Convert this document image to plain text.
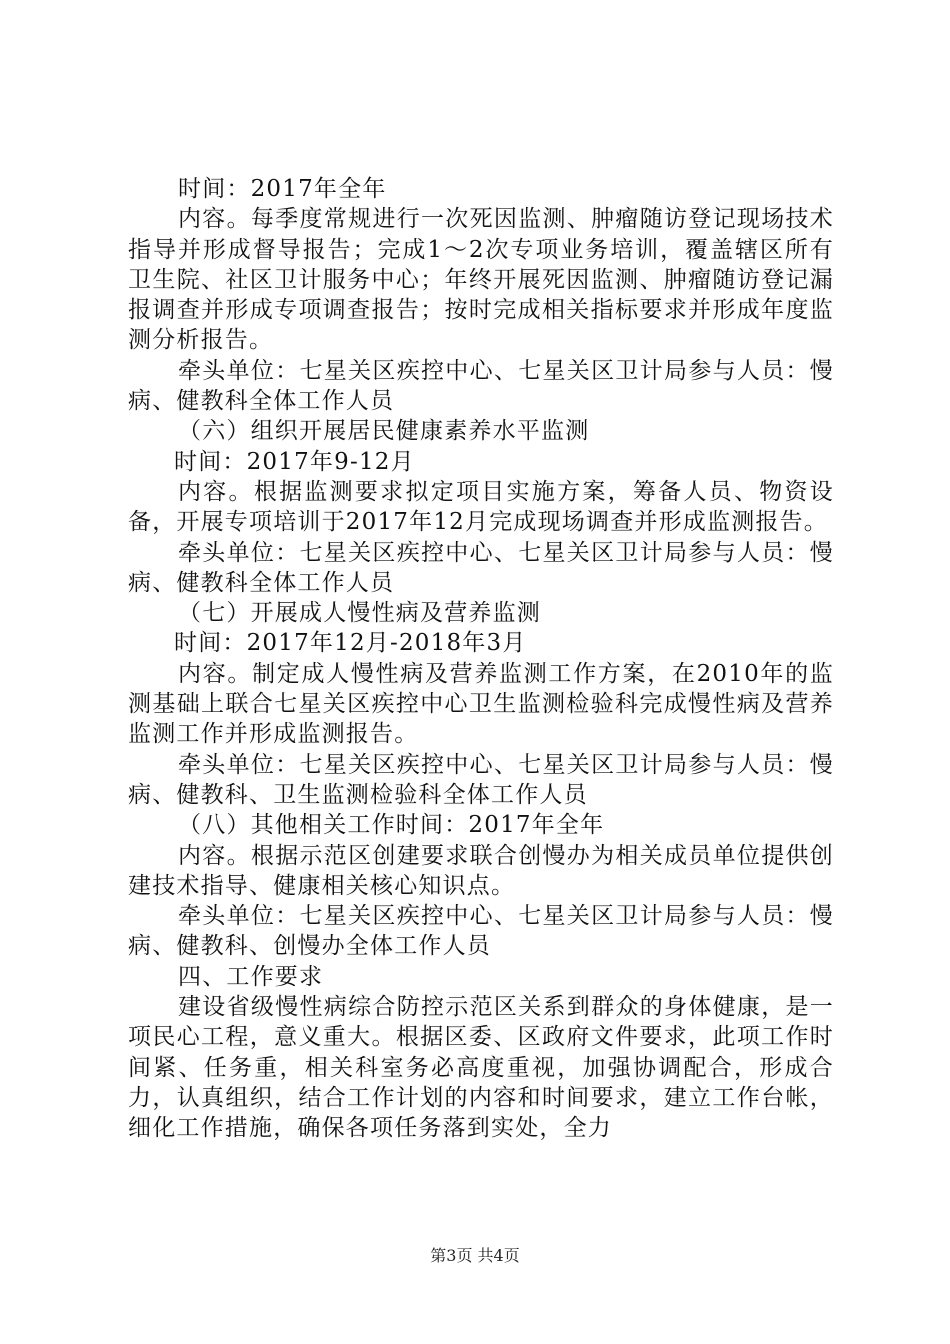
时间：2017年全年

内容。每季度常规进行一次死因监测、肿瘤随访登记现场技术指导并形成督导报告；完成1～2次专项业务培训，覆盖辖区所有卫生院、社区卫计服务中心；年终开展死因监测、肿瘤随访登记漏报调查并形成专项调查报告；按时完成相关指标要求并形成年度监测分析报告。

牵头单位：七星关区疾控中心、七星关区卫计局参与人员：慢病、健教科全体工作人员

（六）组织开展居民健康素养水平监测

时间：2017年9-12月

内容。根据监测要求拟定项目实施方案，筹备人员、物资设备，开展专项培训于2017年12月完成现场调查并形成监测报告。

牵头单位：七星关区疾控中心、七星关区卫计局参与人员：慢病、健教科全体工作人员

（七）开展成人慢性病及营养监测

时间：2017年12月-2018年3月

内容。制定成人慢性病及营养监测工作方案，在2010年的监测基础上联合七星关区疾控中心卫生监测检验科完成慢性病及营养监测工作并形成监测报告。

牵头单位：七星关区疾控中心、七星关区卫计局参与人员：慢病、健教科、卫生监测检验科全体工作人员

（八）其他相关工作时间：2017年全年

内容。根据示范区创建要求联合创慢办为相关成员单位提供创建技术指导、健康相关核心知识点。

牵头单位：七星关区疾控中心、七星关区卫计局参与人员：慢病、健教科、创慢办全体工作人员

四、工作要求

建设省级慢性病综合防控示范区关系到群众的身体健康，是一项民心工程，意义重大。根据区委、区政府文件要求，此项工作时间紧、任务重，相关科室务必高度重视，加强协调配合，形成合力，认真组织，结合工作计划的内容和时间要求，建立工作台帐，细化工作措施，确保各项任务落到实处，全力

第3页 共4页
